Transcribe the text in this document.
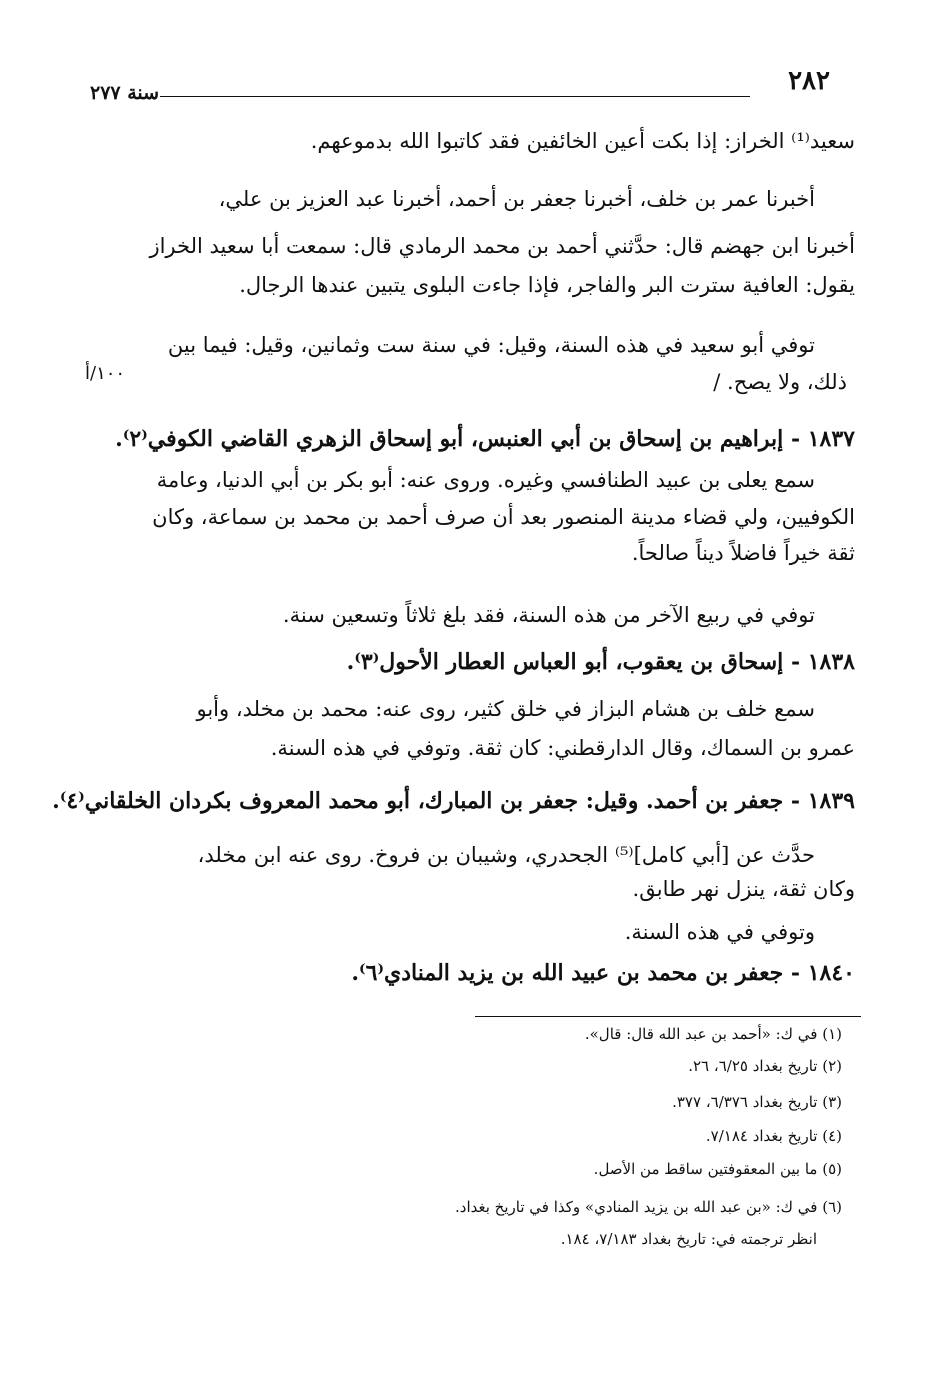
٢٨٢
سنة ٢٧٧
سعيد⁽¹⁾ الخراز: إذا بكت أعين الخائفين فقد كاتبوا الله بدموعهم.
أخبرنا عمر بن خلف، أخبرنا جعفر بن أحمد، أخبرنا عبد العزيز بن علي،
أخبرنا ابن جهضم قال: حدَّثني أحمد بن محمد الرمادي قال: سمعت أبا سعيد الخراز
يقول: العافية سترت البر والفاجر، فإذا جاءت البلوى يتبين عندها الرجال.
توفي أبو سعيد في هذه السنة، وقيل: في سنة ست وثمانين، وقيل: فيما بين
ذلك، ولا يصح. /
١٠٠/أ
١٨٣٧ - إبراهيم بن إسحاق بن أبي العنبس، أبو إسحاق الزهري القاضي الكوفي⁽٢⁾.
سمع يعلى بن عبيد الطنافسي وغيره. وروى عنه: أبو بكر بن أبي الدنيا، وعامة
الكوفيين، ولي قضاء مدينة المنصور بعد أن صرف أحمد بن محمد بن سماعة، وكان
ثقة خيراً فاضلاً ديناً صالحاً.
توفي في ربيع الآخر من هذه السنة، فقد بلغ ثلاثاً وتسعين سنة.
١٨٣٨ - إسحاق بن يعقوب، أبو العباس العطار الأحول⁽٣⁾.
سمع خلف بن هشام البزاز في خلق كثير، روى عنه: محمد بن مخلد، وأبو
عمرو بن السماك، وقال الدارقطني: كان ثقة. وتوفي في هذه السنة.
١٨٣٩ - جعفر بن أحمد. وقيل: جعفر بن المبارك، أبو محمد المعروف بكردان الخلقاني⁽٤⁾.
حدَّث عن [أبي كامل]⁽⁵⁾ الجحدري، وشيبان بن فروخ. روى عنه ابن مخلد،
وكان ثقة، ينزل نهر طابق.
وتوفي في هذه السنة.
١٨٤٠ - جعفر بن محمد بن عبيد الله بن يزيد المنادي⁽٦⁾.
(١) في ك: «أحمد بن عبد الله قال: قال».
(٢) تاريخ بغداد ٦/٢٥، ٢٦.
(٣) تاريخ بغداد ٦/٣٧٦، ٣٧٧.
(٤) تاريخ بغداد ٧/١٨٤.
(٥) ما بين المعقوفتين ساقط من الأصل.
(٦) في ك: «بن عبد الله بن يزيد المنادي» وكذا في تاريخ بغداد.
انظر ترجمته في: تاريخ بغداد ٧/١٨٣، ١٨٤.
